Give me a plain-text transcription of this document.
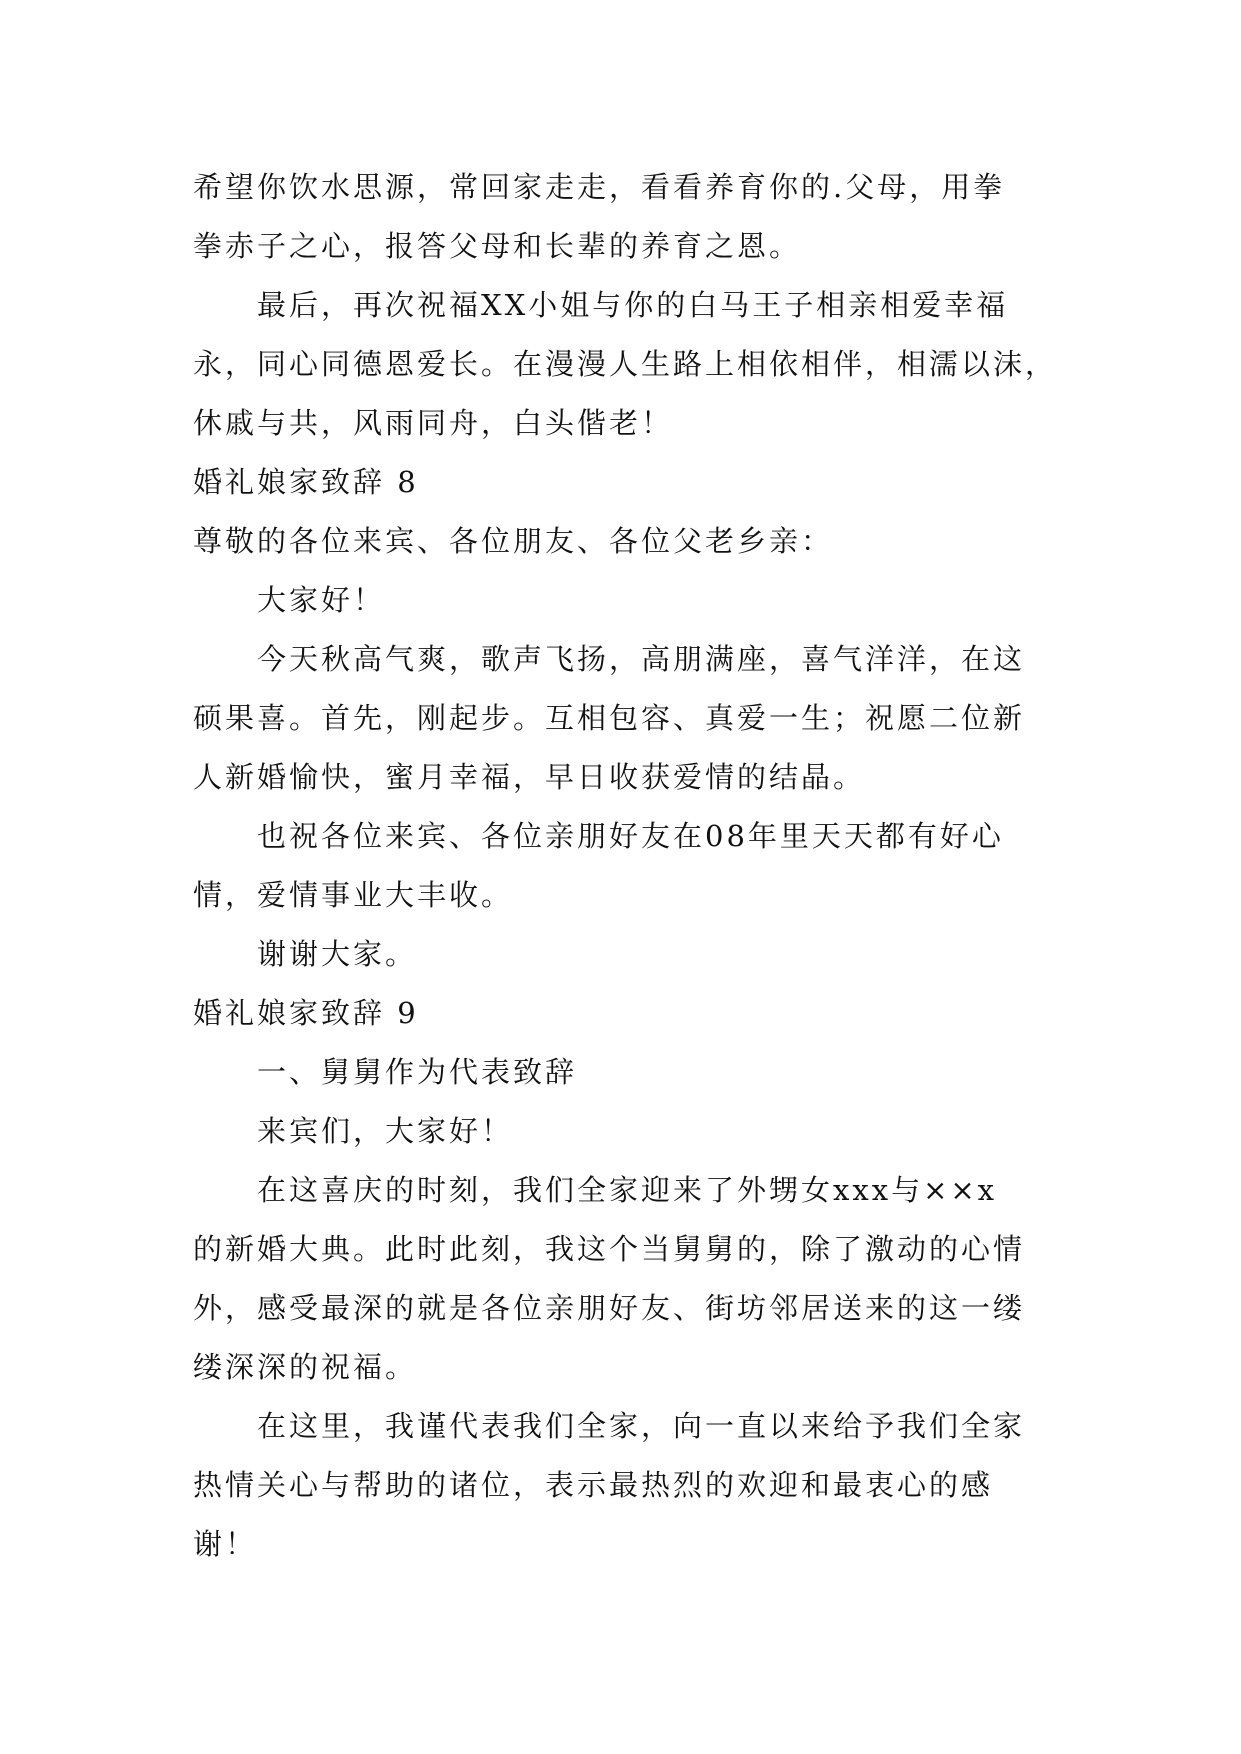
希望你饮水思源，常回家走走，看看养育你的.父母，用拳
拳赤子之心，报答父母和长辈的养育之恩。
最后，再次祝福XX小姐与你的白马王子相亲相爱幸福
永，同心同德恩爱长。在漫漫人生路上相依相伴，相濡以沫，
休戚与共，风雨同舟，白头偕老！
婚礼娘家致辞 8
尊敬的各位来宾、各位朋友、各位父老乡亲：
大家好！
今天秋高气爽，歌声飞扬，高朋满座，喜气洋洋，在这
硕果喜。首先，刚起步。互相包容、真爱一生；祝愿二位新
人新婚愉快，蜜月幸福，早日收获爱情的结晶。
也祝各位来宾、各位亲朋好友在08年里天天都有好心
情，爱情事业大丰收。
谢谢大家。
婚礼娘家致辞 9
一、舅舅作为代表致辞
来宾们，大家好！
在这喜庆的时刻，我们全家迎来了外甥女xxx与××x
的新婚大典。此时此刻，我这个当舅舅的，除了激动的心情
外，感受最深的就是各位亲朋好友、街坊邻居送来的这一缕
缕深深的祝福。
在这里，我谨代表我们全家，向一直以来给予我们全家
热情关心与帮助的诸位，表示最热烈的欢迎和最衷心的感
谢！
